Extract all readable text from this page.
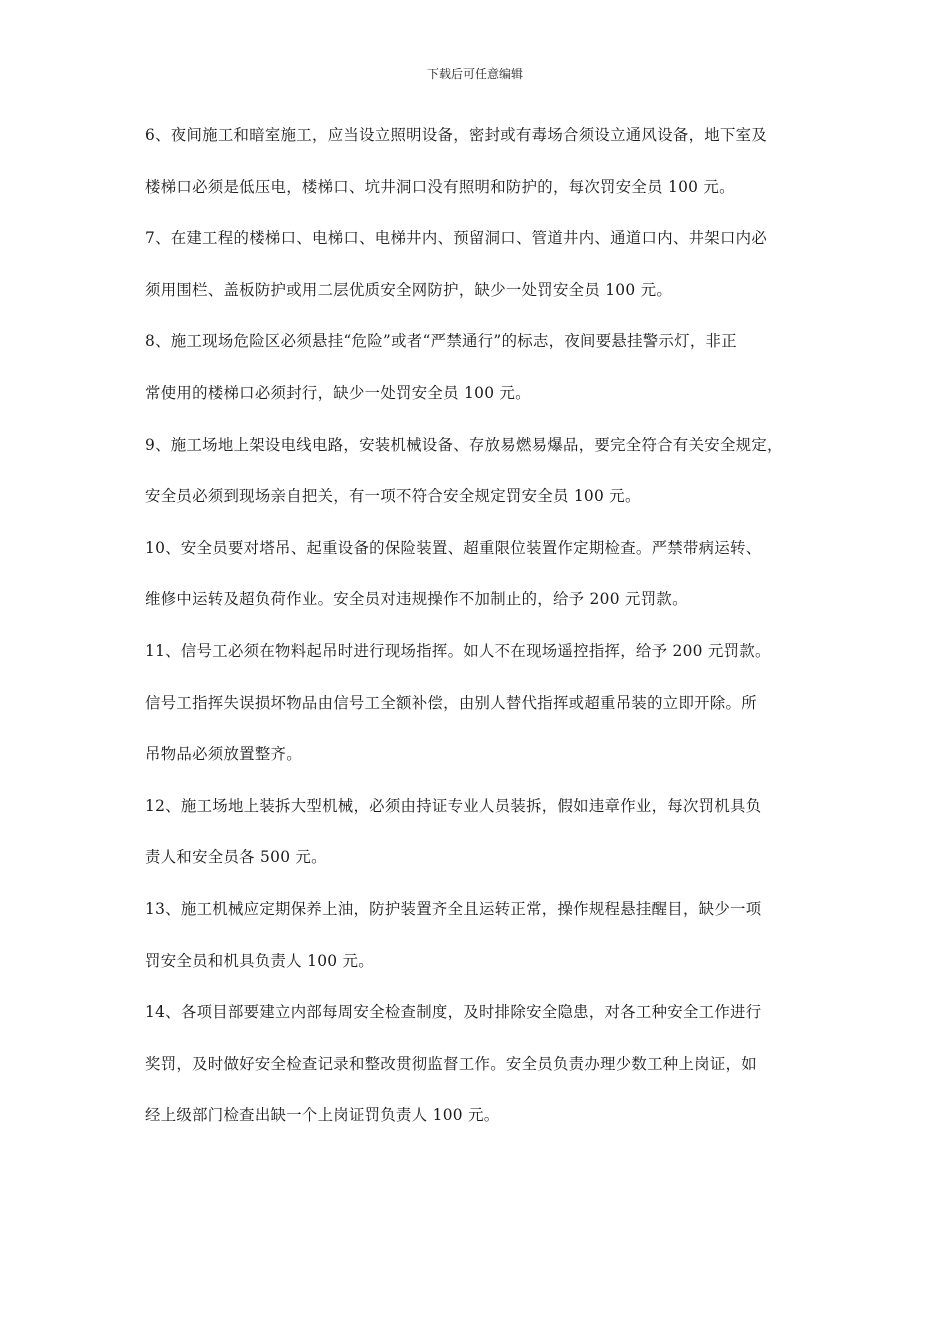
下载后可任意编辑
6、夜间施工和暗室施工，应当设立照明设备，密封或有毒场合须设立通风设备，地下室及
楼梯口必须是低压电，楼梯口、坑井洞口没有照明和防护的，每次罚安全员 100 元。
7、在建工程的楼梯口、电梯口、电梯井内、预留洞口、管道井内、通道口内、井架口内必
须用围栏、盖板防护或用二层优质安全网防护，缺少一处罚安全员 100 元。
8、施工现场危险区必须悬挂“危险”或者“严禁通行”的标志，夜间要悬挂警示灯，非正
常使用的楼梯口必须封行，缺少一处罚安全员 100 元。
9、施工场地上架设电线电路，安装机械设备、存放易燃易爆品，要完全符合有关安全规定，
安全员必须到现场亲自把关，有一项不符合安全规定罚安全员 100 元。
10、安全员要对塔吊、起重设备的保险装置、超重限位装置作定期检查。严禁带病运转、
维修中运转及超负荷作业。安全员对违规操作不加制止的，给予 200 元罚款。
11、信号工必须在物料起吊时进行现场指挥。如人不在现场遥控指挥，给予 200 元罚款。
信号工指挥失误损坏物品由信号工全额补偿，由别人替代指挥或超重吊装的立即开除。所
吊物品必须放置整齐。
12、施工场地上装拆大型机械，必须由持证专业人员装拆，假如违章作业，每次罚机具负
责人和安全员各 500 元。
13、施工机械应定期保养上油，防护装置齐全且运转正常，操作规程悬挂醒目，缺少一项
罚安全员和机具负责人 100 元。
14、各项目部要建立内部每周安全检查制度，及时排除安全隐患，对各工种安全工作进行
奖罚，及时做好安全检查记录和整改贯彻监督工作。安全员负责办理少数工种上岗证，如
经上级部门检查出缺一个上岗证罚负责人 100 元。
